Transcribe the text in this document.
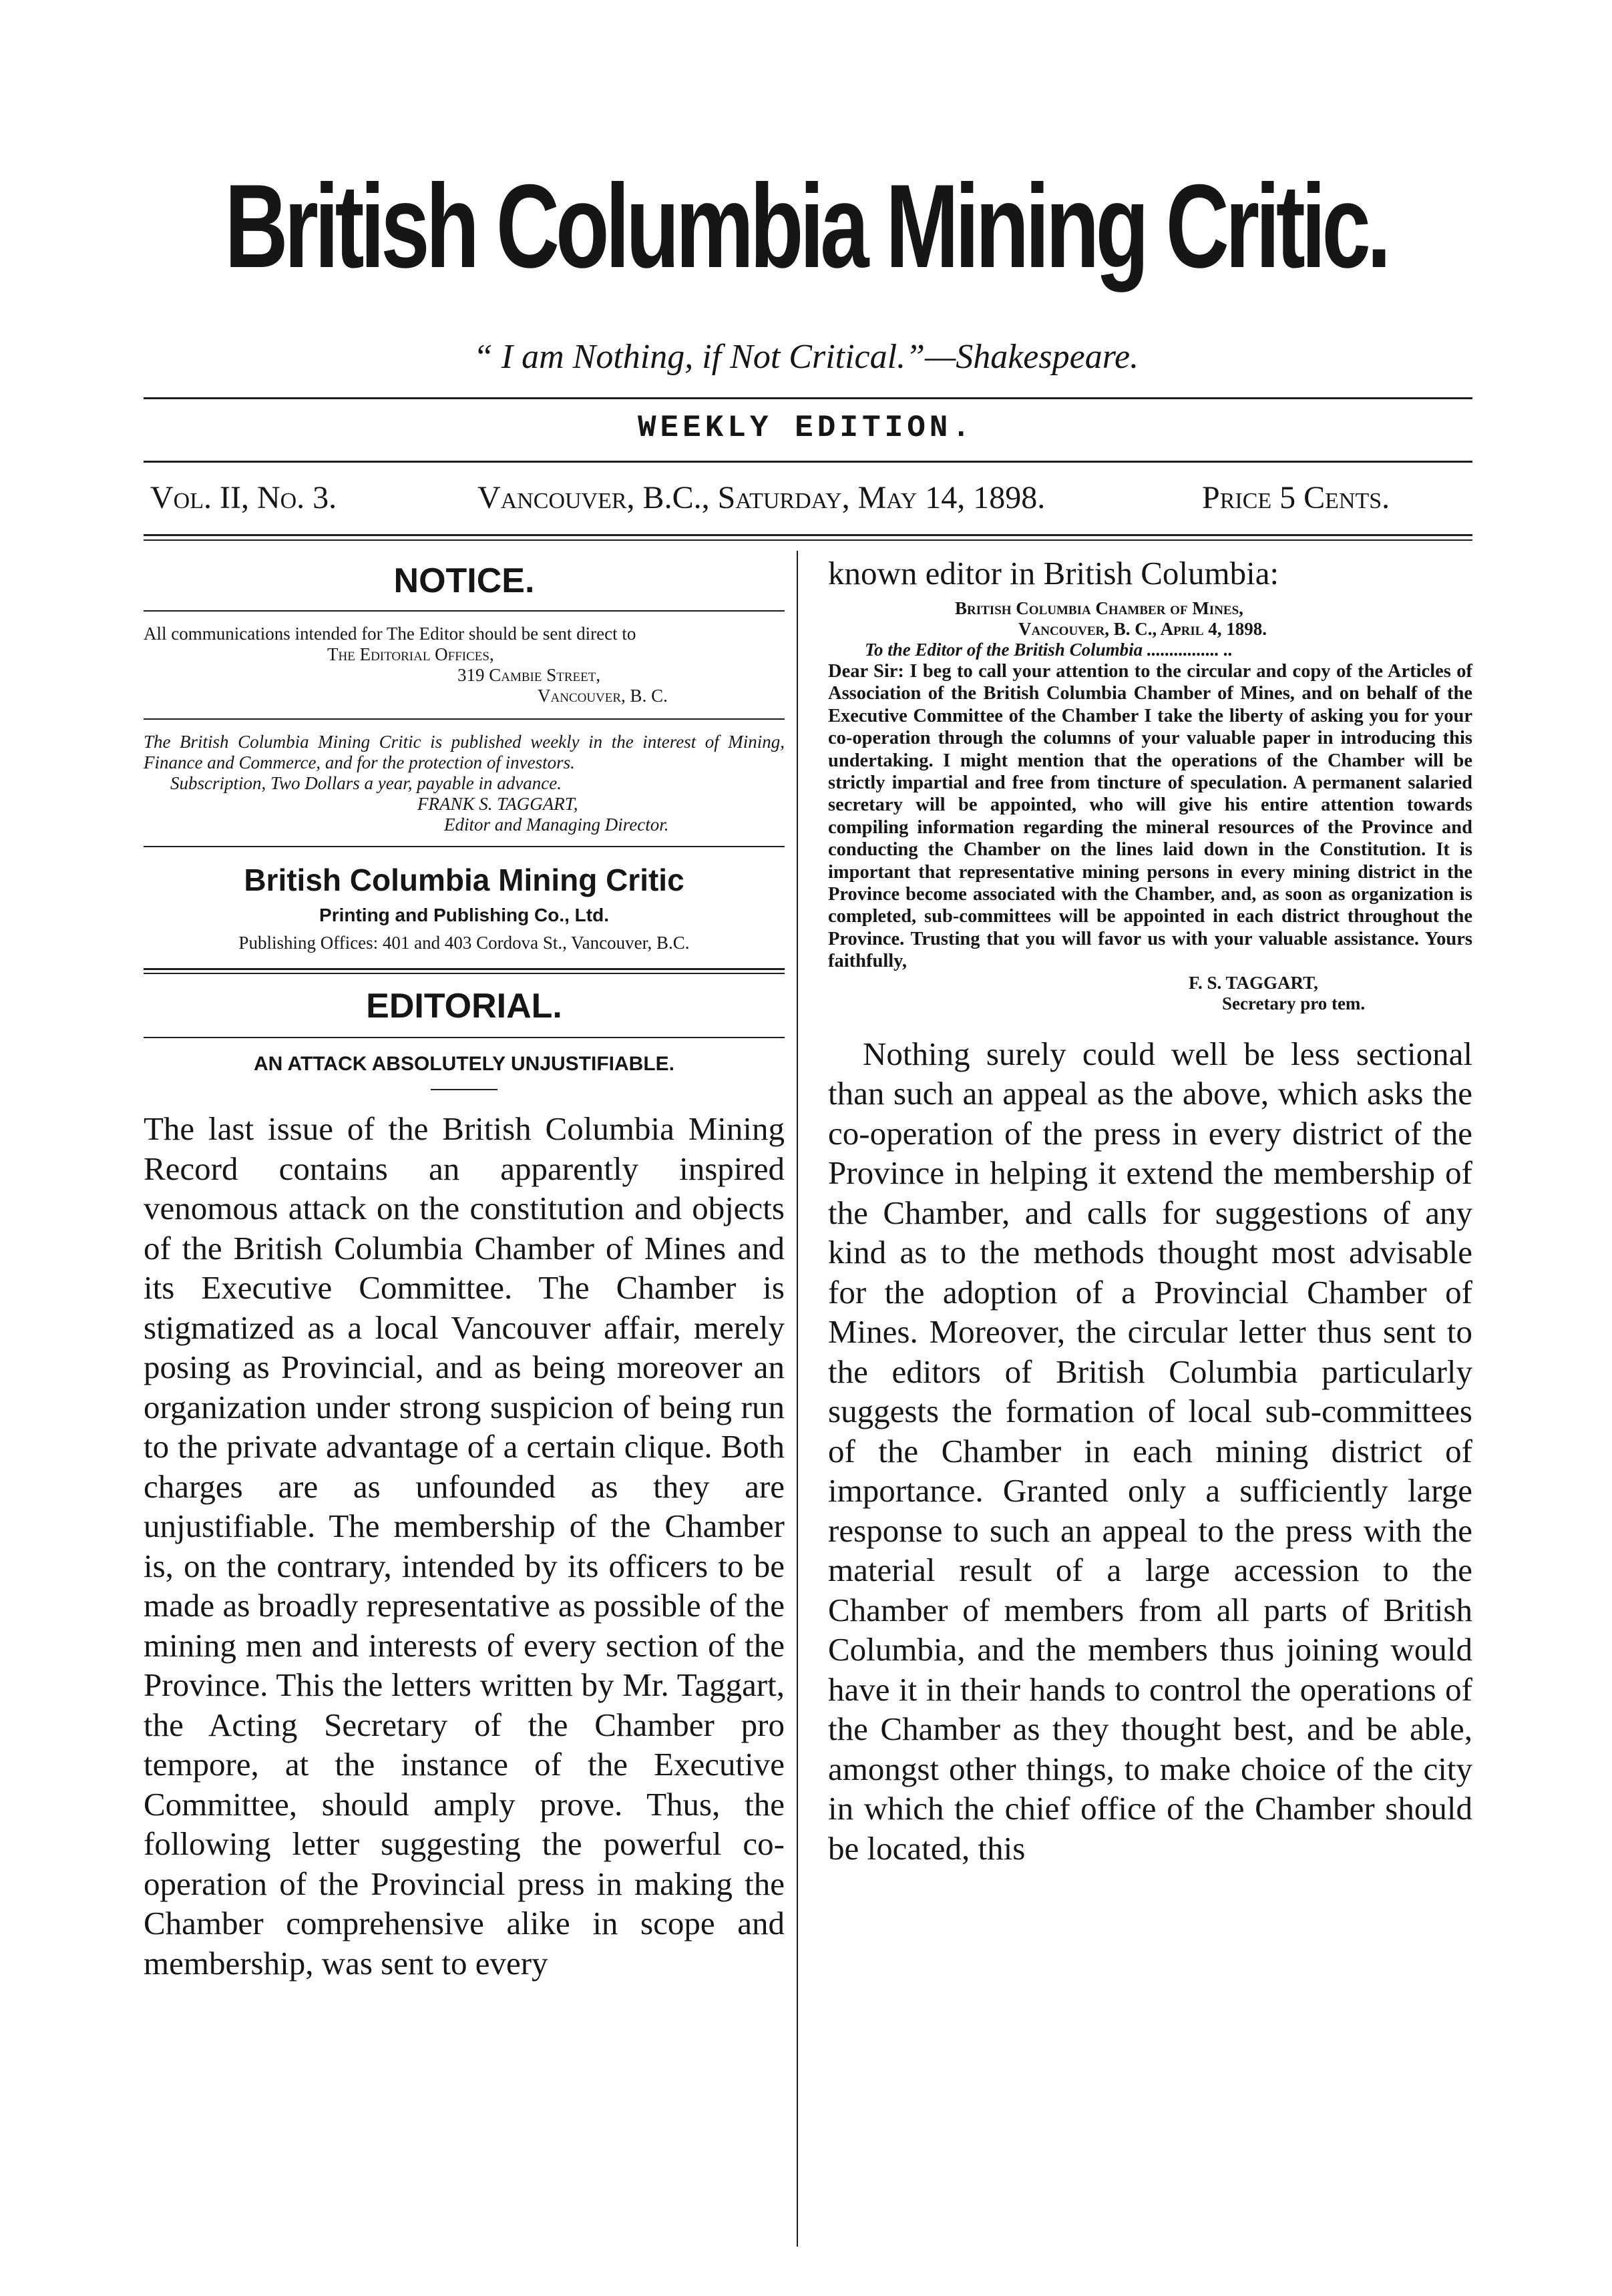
British Columbia Mining Critic.
“ I am Nothing, if Not Critical.”—Shakespeare.
WEEKLY EDITION.
Vol. II, No. 3.	Vancouver, B.C., Saturday, May 14, 1898.	Price 5 Cents.
NOTICE.
All communications intended for The Editor should be sent direct to
The Editorial Offices,
319 Cambie Street,
Vancouver, B. C.
The British Columbia Mining Critic is published weekly in the interest of Mining, Finance and Commerce, and for the protection of investors.
Subscription, Two Dollars a year, payable in advance.
FRANK S. TAGGART,
Editor and Managing Director.
British Columbia Mining Critic
Printing and Publishing Co., Ltd.
Publishing Offices: 401 and 403 Cordova St., Vancouver, B.C.
EDITORIAL.
AN ATTACK ABSOLUTELY UNJUSTIFIABLE.

The last issue of the British Columbia Mining Record contains an apparently inspired venomous attack on the constitution and objects of the British Columbia Chamber of Mines and its Executive Committee. The Chamber is stigmatized as a local Vancouver affair, merely posing as Provincial, and as being moreover an organization under strong suspicion of being run to the private advantage of a certain clique. Both charges are as unfounded as they are unjustifiable. The membership of the Chamber is, on the contrary, intended by its officers to be made as broadly representative as possible of the mining men and interests of every section of the Province. This the letters written by Mr. Taggart, the Acting Secretary of the Chamber pro tempore, at the instance of the Executive Committee, should amply prove. Thus, the following letter suggesting the powerful co-operation of the Provincial press in making the Chamber comprehensive alike in scope and membership, was sent to every

known editor in British Columbia:
British Columbia Chamber of Mines,
Vancouver, B. C., April 4, 1898.
To the Editor of the British Columbia ................ ..
Dear Sir: I beg to call your attention to the circular and copy of the Articles of Association of the British Columbia Chamber of Mines, and on behalf of the Executive Committee of the Chamber I take the liberty of asking you for your co-operation through the columns of your valuable paper in introducing this undertaking. I might mention that the operations of the Chamber will be strictly impartial and free from tincture of speculation. A permanent salaried secretary will be appointed, who will give his entire attention towards compiling information regarding the mineral resources of the Province and conducting the Chamber on the lines laid down in the Constitution. It is important that representative mining persons in every mining district in the Province become associated with the Chamber, and, as soon as organization is completed, sub-committees will be appointed in each district throughout the Province. Trusting that you will favor us with your valuable assistance. Yours faithfully,
F. S. TAGGART,
Secretary pro tem.

Nothing surely could well be less sectional than such an appeal as the above, which asks the co-operation of the press in every district of the Province in helping it extend the membership of the Chamber, and calls for suggestions of any kind as to the methods thought most advisable for the adoption of a Provincial Chamber of Mines. Moreover, the circular letter thus sent to the editors of British Columbia particularly suggests the formation of local sub-committees of the Chamber in each mining district of importance. Granted only a sufficiently large response to such an appeal to the press with the material result of a large accession to the Chamber of members from all parts of British Columbia, and the members thus joining would have it in their hands to control the operations of the Chamber as they thought best, and be able, amongst other things, to make choice of the city in which the chief office of the Chamber should be located, this
